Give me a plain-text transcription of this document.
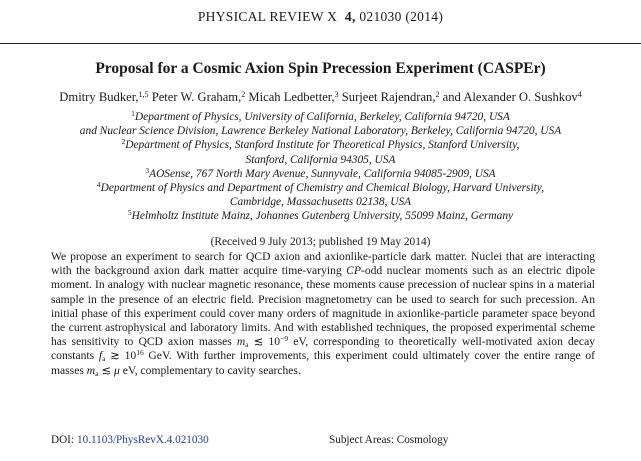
PHYSICAL REVIEW X 4, 021030 (2014)
Proposal for a Cosmic Axion Spin Precession Experiment (CASPEr)
Dmitry Budker,$^{1,5}$ Peter W. Graham,$^2$ Micah Ledbetter,$^3$ Surjeet Rajendran,$^2$ and Alexander O. Sushkov$^4$
$^1$Department of Physics, University of California, Berkeley, California 94720, USA
and Nuclear Science Division, Lawrence Berkeley National Laboratory, Berkeley, California 94720, USA
$^2$Department of Physics, Stanford Institute for Theoretical Physics, Stanford University,
Stanford, California 94305, USA
$^3$AOSense, 767 North Mary Avenue, Sunnyvale, California 94085-2909, USA
$^4$Department of Physics and Department of Chemistry and Chemical Biology, Harvard University,
Cambridge, Massachusetts 02138, USA
$^5$Helmholtz Institute Mainz, Johannes Gutenberg University, 55099 Mainz, Germany
(Received 9 July 2013; published 19 May 2014)
We propose an experiment to search for QCD axion and axionlike-particle dark matter. Nuclei that are interacting with the background axion dark matter acquire time-varying CP-odd nuclear moments such as an electric dipole moment. In analogy with nuclear magnetic resonance, these moments cause precession of nuclear spins in a material sample in the presence of an electric field. Precision magnetometry can be used to search for such precession. An initial phase of this experiment could cover many orders of magnitude in axionlike-particle parameter space beyond the current astrophysical and laboratory limits. And with established techniques, the proposed experimental scheme has sensitivity to QCD axion masses $m_a$ ≲ $10^{-9}$ eV, corresponding to theoretically well-motivated axion decay constants $f_a$ ≳ $10^{16}$ GeV. With further improvements, this experiment could ultimately cover the entire range of masses $m_a$ ≲ μ eV, complementary to cavity searches.
DOI: 10.1103/PhysRevX.4.021030	Subject Areas: Cosmology
